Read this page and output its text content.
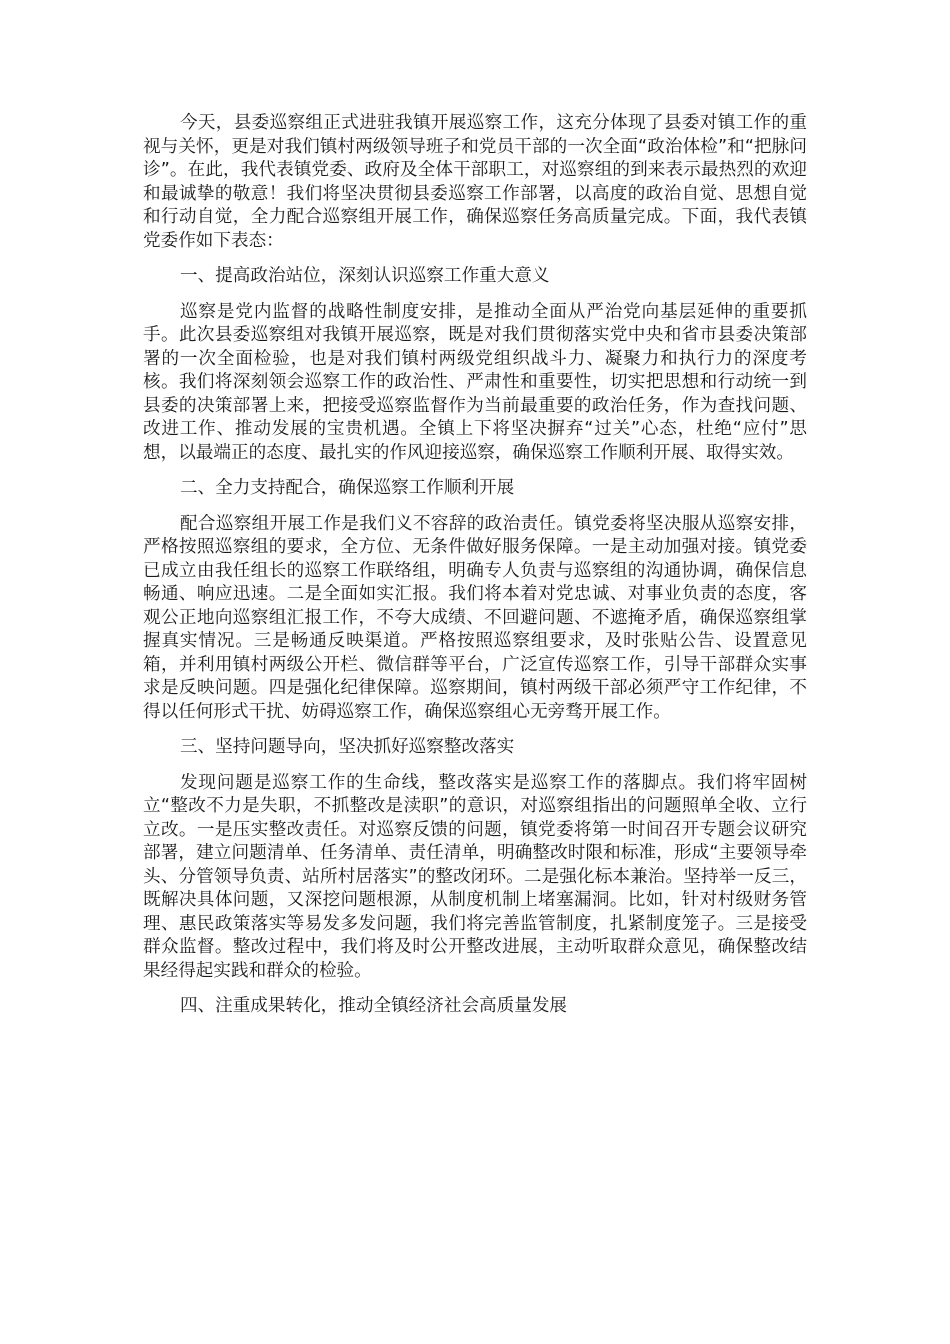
今天，县委巡察组正式进驻我镇开展巡察工作，这充分体现了县委对镇工作的重视与关怀，更是对我们镇村两级领导班子和党员干部的一次全面“政治体检”和“把脉问诊”。在此，我代表镇党委、政府及全体干部职工，对巡察组的到来表示最热烈的欢迎和最诚挚的敬意！我们将坚决贯彻县委巡察工作部署，以高度的政治自觉、思想自觉和行动自觉，全力配合巡察组开展工作，确保巡察任务高质量完成。下面，我代表镇党委作如下表态：

一、提高政治站位，深刻认识巡察工作重大意义

巡察是党内监督的战略性制度安排，是推动全面从严治党向基层延伸的重要抓手。此次县委巡察组对我镇开展巡察，既是对我们贯彻落实党中央和省市县委决策部署的一次全面检验，也是对我们镇村两级党组织战斗力、凝聚力和执行力的深度考核。我们将深刻领会巡察工作的政治性、严肃性和重要性，切实把思想和行动统一到县委的决策部署上来，把接受巡察监督作为当前最重要的政治任务，作为查找问题、改进工作、推动发展的宝贵机遇。全镇上下将坚决摒弃“过关”心态，杜绝“应付”思想，以最端正的态度、最扎实的作风迎接巡察，确保巡察工作顺利开展、取得实效。

二、全力支持配合，确保巡察工作顺利开展

配合巡察组开展工作是我们义不容辞的政治责任。镇党委将坚决服从巡察安排，严格按照巡察组的要求，全方位、无条件做好服务保障。一是主动加强对接。镇党委已成立由我任组长的巡察工作联络组，明确专人负责与巡察组的沟通协调，确保信息畅通、响应迅速。二是全面如实汇报。我们将本着对党忠诚、对事业负责的态度，客观公正地向巡察组汇报工作，不夸大成绩、不回避问题、不遮掩矛盾，确保巡察组掌握真实情况。三是畅通反映渠道。严格按照巡察组要求，及时张贴公告、设置意见箱，并利用镇村两级公开栏、微信群等平台，广泛宣传巡察工作，引导干部群众实事求是反映问题。四是强化纪律保障。巡察期间，镇村两级干部必须严守工作纪律，不得以任何形式干扰、妨碍巡察工作，确保巡察组心无旁骛开展工作。

三、坚持问题导向，坚决抓好巡察整改落实

发现问题是巡察工作的生命线，整改落实是巡察工作的落脚点。我们将牢固树立“整改不力是失职，不抓整改是渎职”的意识，对巡察组指出的问题照单全收、立行立改。一是压实整改责任。对巡察反馈的问题，镇党委将第一时间召开专题会议研究部署，建立问题清单、任务清单、责任清单，明确整改时限和标准，形成“主要领导牵头、分管领导负责、站所村居落实”的整改闭环。二是强化标本兼治。坚持举一反三，既解决具体问题，又深挖问题根源，从制度机制上堵塞漏洞。比如，针对村级财务管理、惠民政策落实等易发多发问题，我们将完善监管制度，扎紧制度笼子。三是接受群众监督。整改过程中，我们将及时公开整改进展，主动听取群众意见，确保整改结果经得起实践和群众的检验。

四、注重成果转化，推动全镇经济社会高质量发展
